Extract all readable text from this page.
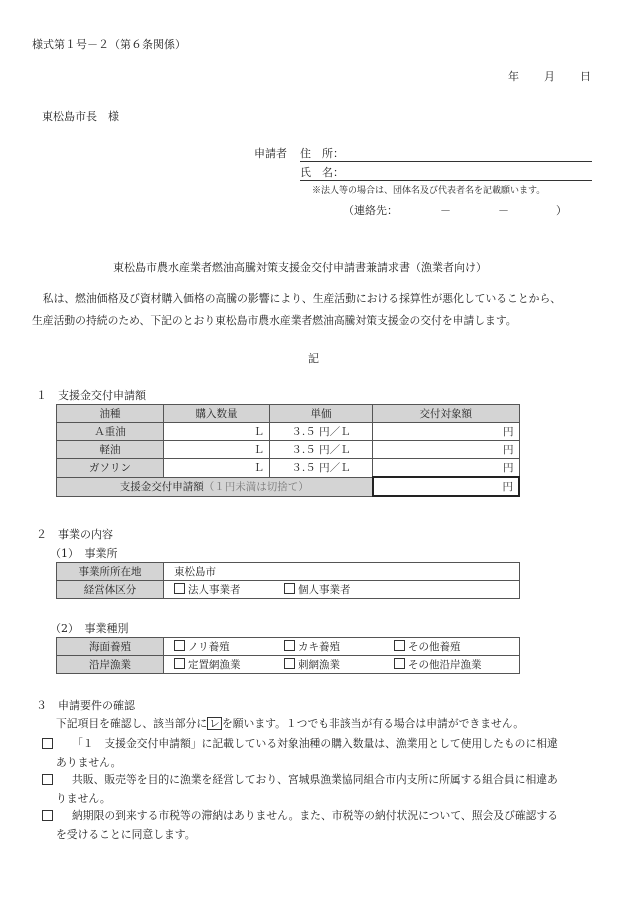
様式第１号－２（第６条関係）
年 月 日
東松島市長　様
申請者 住　所：
氏　名：
※法人等の場合は、団体名及び代表者名を記載願います。
（連絡先：	－	－	）
東松島市農水産業者燃油高騰対策支援金交付申請書兼請求書（漁業者向け）
　私は、燃油価格及び資材購入価格の高騰の影響により、生産活動における採算性が悪化していることから、
生産活動の持続のため、下記のとおり東松島市農水産業者燃油高騰対策支援金の交付を申請します。
記
１　支援金交付申請額
油種	購入数量	単価	交付対象額
Ａ重油	Ｌ	３.５ 円／Ｌ	円
軽油	Ｌ	３.５ 円／Ｌ	円
ガソリン	Ｌ	３.５ 円／Ｌ	円
支援金交付申請額（１円未満は切捨て）			円
２　事業の内容
（1）　事業所
事業所所在地	東松島市
経営体区分	法人事業者 個人事業者
（2）　事業種別
海面養殖	ノリ養殖 カキ養殖 その他養殖
沿岸漁業	定置網漁業 刺網漁業 その他沿岸漁業
３　申請要件の確認
下記項目を確認し、該当部分に レ を願います。１つでも非該当が有る場合は申請ができません。
「１　支援金交付申請額」に記載している対象油種の購入数量は、漁業用として使用したものに相違
ありません。
共販、販売等を目的に漁業を経営しており、宮城県漁業協同組合市内支所に所属する組合員に相違あ
りません。
納期限の到来する市税等の滞納はありません。また、市税等の納付状況について、照会及び確認する
を受けることに同意します。
